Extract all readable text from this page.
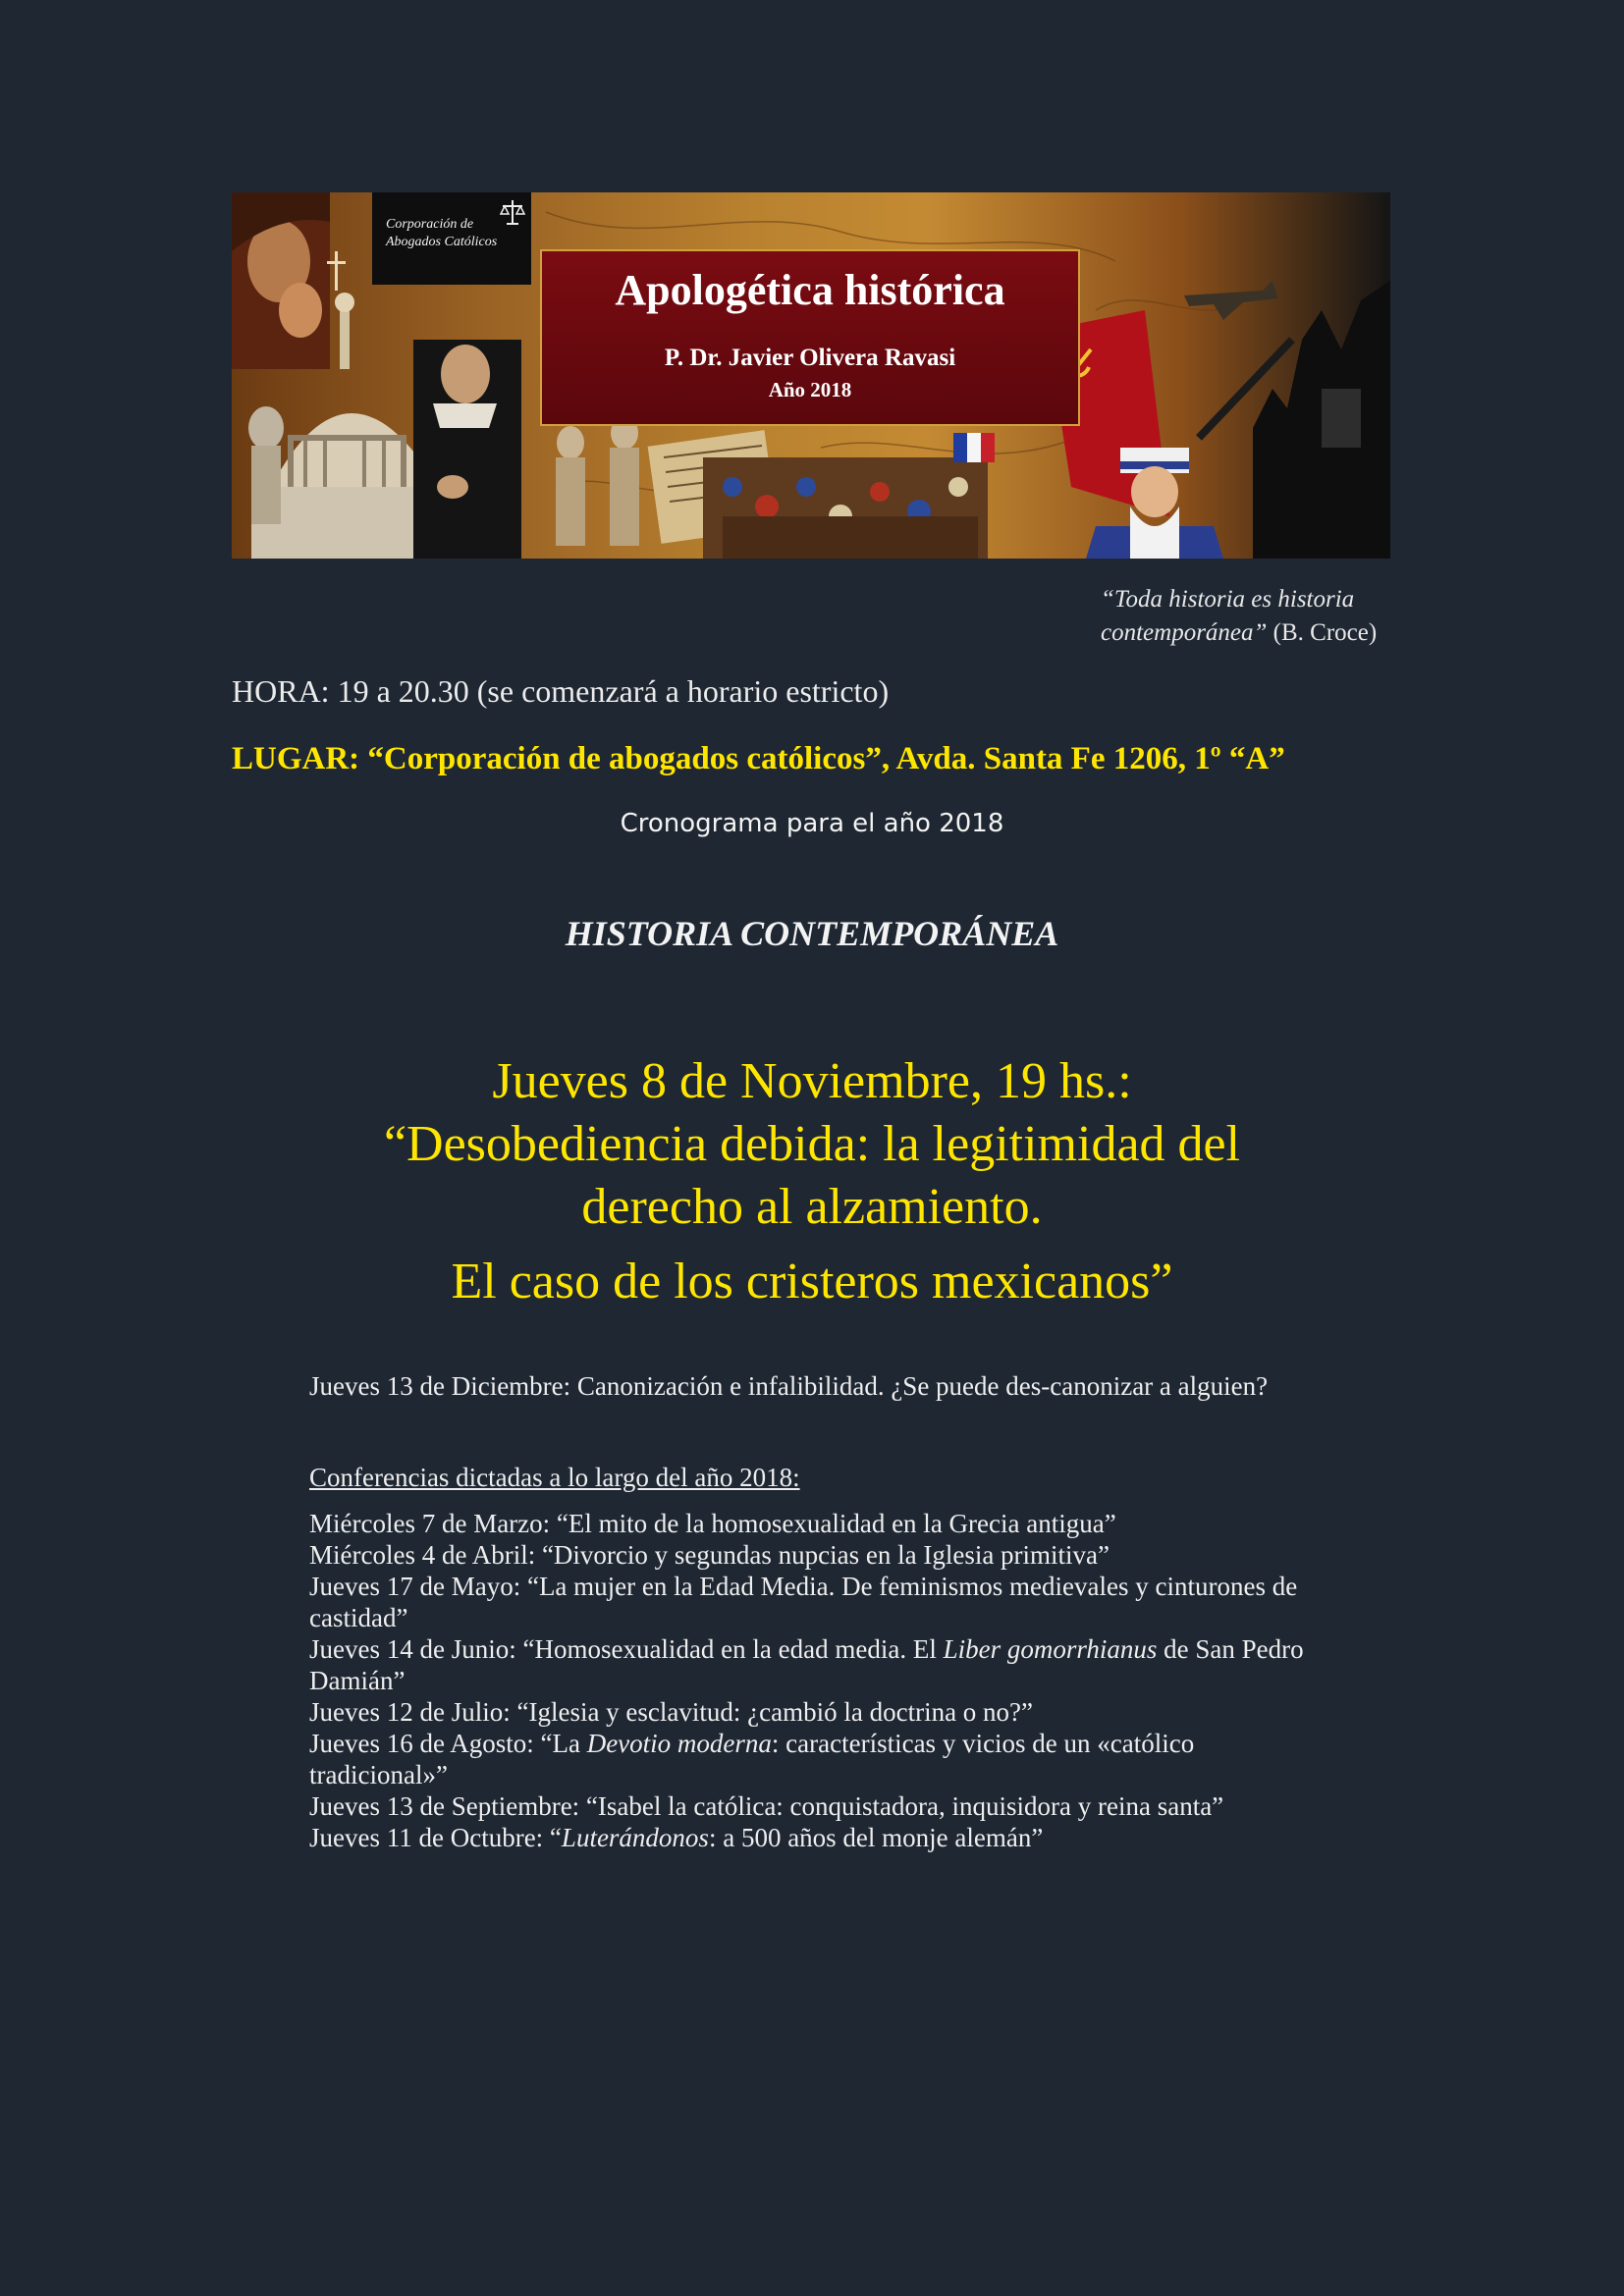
Corporación de
Abogados Católicos
Apologética histórica
P. Dr. Javier Olivera Ravasi
Año 2018
“Toda historia es historia contemporánea” (B. Croce)
HORA: 19 a 20.30 (se comenzará a horario estricto)
LUGAR: “Corporación de abogados católicos”, Avda. Santa Fe 1206, 1º “A”
Cronograma para el año 2018
HISTORIA CONTEMPORÁNEA
Jueves 8 de Noviembre, 19 hs.:
“Desobediencia debida: la legitimidad del
derecho al alzamiento.
El caso de los cristeros mexicanos”
Jueves 13 de Diciembre: Canonización e infalibilidad. ¿Se puede des-canonizar a alguien?
Conferencias dictadas a lo largo del año 2018:
Miércoles 7 de Marzo: “El mito de la homosexualidad en la Grecia antigua”
Miércoles 4 de Abril: “Divorcio y segundas nupcias en la Iglesia primitiva”
Jueves 17 de Mayo: “La mujer en la Edad Media. De feminismos medievales y cinturones de castidad”
Jueves 14 de Junio: “Homosexualidad en la edad media. El Liber gomorrhianus de San Pedro Damián”
Jueves 12 de Julio: “Iglesia y esclavitud: ¿cambió la doctrina o no?”
Jueves 16 de Agosto: “La Devotio moderna: características y vicios de un «católico tradicional»”
Jueves 13 de Septiembre: “Isabel la católica: conquistadora, inquisidora y reina santa”
Jueves 11 de Octubre: “Luterándonos: a 500 años del monje alemán”
